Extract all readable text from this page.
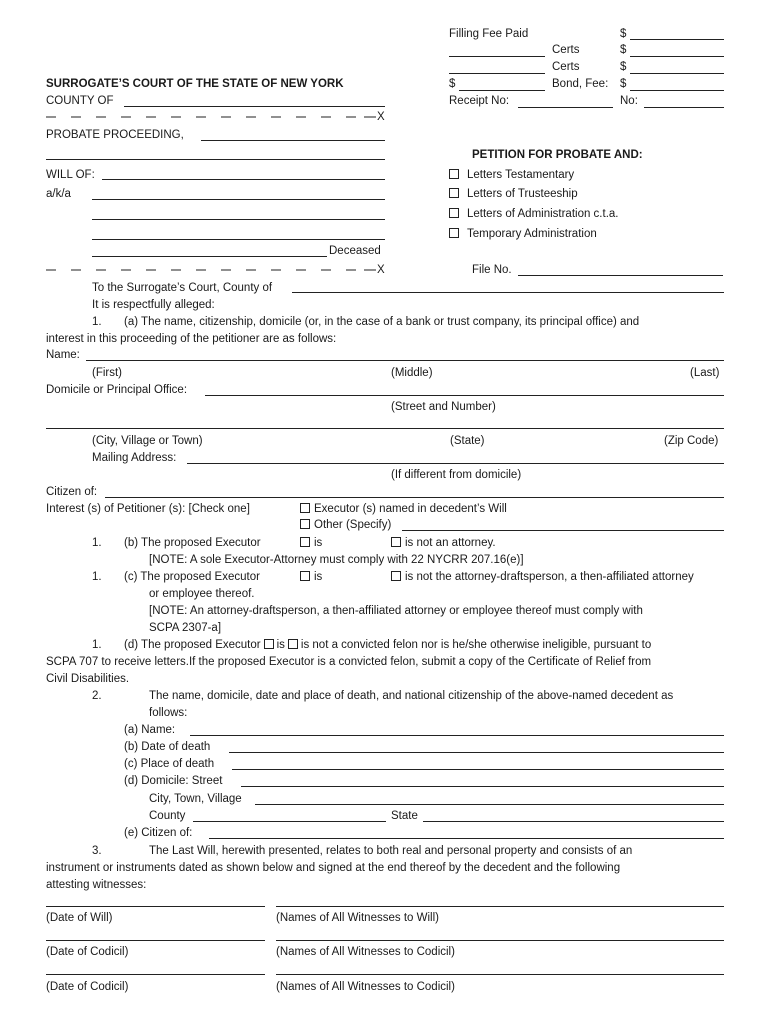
Filling Fee Paid	$
Certs	$
Certs	$
$	Bond, Fee: $
Receipt No:	No:
SURROGATE’S COURT OF THE STATE OF NEW YORK
COUNTY OF
X
PROBATE PROCEEDING,
WILL OF:
a/k/a
Deceased
X
PETITION FOR PROBATE AND:
Letters Testamentary
Letters of Trusteeship
Letters of Administration c.t.a.
Temporary Administration
File No.
To the Surrogate’s Court, County of
It is respectfully alleged:
1. (a) The name, citizenship, domicile (or, in the case of a bank or trust company, its principal office) and
interest in this proceeding of the petitioner are as follows:
Name:
(First)	(Middle)	(Last)
Domicile or Principal Office:
(Street and Number)
(City, Village or Town)	(State)	(Zip Code)
Mailing Address:
(If different from domicile)
Citizen of:
Interest (s) of Petitioner (s): [Check one]	Executor (s) named in decedent’s Will
Other (Specify)
1. (b) The proposed Executor	is	is not an attorney.
[NOTE: A sole Executor-Attorney must comply with 22 NYCRR 207.16(e)]
1. (c) The proposed Executor	is	is not the attorney-draftsperson, a then-affiliated attorney
or employee thereof.
[NOTE: An attorney-draftsperson, a then-affiliated attorney or employee thereof must comply with
SCPA 2307-a]
1. (d) The proposed Executor is is not a convicted felon nor is he/she otherwise ineligible, pursuant to
SCPA 707 to receive letters.If the proposed Executor is a convicted felon, submit a copy of the Certificate of Relief from
Civil Disabilities.
2.	The name, domicile, date and place of death, and national citizenship of the above-named decedent as
follows:
(a) Name:
(b) Date of death
(c) Place of death
(d) Domicile: Street
City, Town, Village
County	State
(e) Citizen of:
3.	The Last Will, herewith presented, relates to both real and personal property and consists of an
instrument or instruments dated as shown below and signed at the end thereof by the decedent and the following
attesting witnesses:
(Date of Will)	(Names of All Witnesses to Will)
(Date of Codicil)	(Names of All Witnesses to Codicil)
(Date of Codicil)	(Names of All Witnesses to Codicil)
